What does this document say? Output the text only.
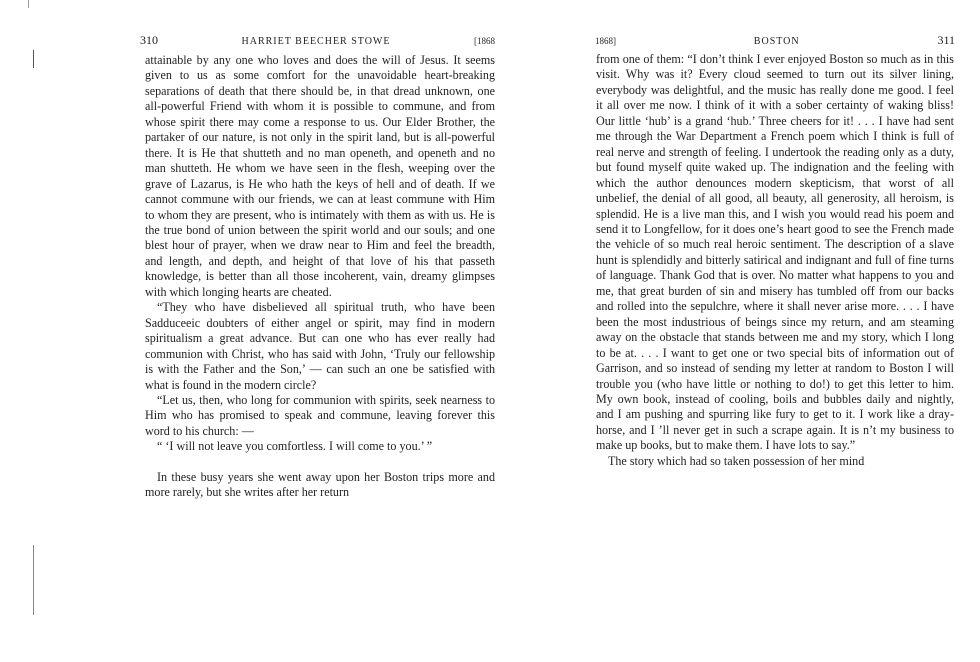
310	HARRIET BEECHER STOWE	[1868

attainable by any one who loves and does the will of Jesus. It seems given to us as some comfort for the unavoidable heart-breaking separations of death that there should be, in that dread unknown, one all-powerful Friend with whom it is possible to commune, and from whose spirit there may come a response to us. Our Elder Brother, the partaker of our nature, is not only in the spirit land, but is all-powerful there. It is He that shutteth and no man openeth, and openeth and no man shutteth. He whom we have seen in the flesh, weeping over the grave of Lazarus, is He who hath the keys of hell and of death. If we cannot commune with our friends, we can at least commune with Him to whom they are present, who is intimately with them as with us. He is the true bond of union between the spirit world and our souls; and one blest hour of prayer, when we draw near to Him and feel the breadth, and length, and depth, and height of that love of his that passeth knowledge, is better than all those incoherent, vain, dreamy glimpses with which longing hearts are cheated.

“They who have disbelieved all spiritual truth, who have been Sadduceeic doubters of either angel or spirit, may find in modern spiritualism a great advance. But can one who has ever really had communion with Christ, who has said with John, ‘Truly our fellowship is with the Father and the Son,’ — can such an one be satisfied with what is found in the modern circle?

“Let us, then, who long for communion with spirits, seek nearness to Him who has promised to speak and commune, leaving forever this word to his church: —

“ ‘I will not leave you comfortless. I will come to you.’ ”

In these busy years she went away upon her Boston trips more and more rarely, but she writes after her return

1868]	BOSTON	311

from one of them: “I don’t think I ever enjoyed Boston so much as in this visit. Why was it? Every cloud seemed to turn out its silver lining, everybody was delightful, and the music has really done me good. I feel it all over me now. I think of it with a sober certainty of waking bliss! Our little ‘hub’ is a grand ‘hub.’ Three cheers for it! . . . I have had sent me through the War Department a French poem which I think is full of real nerve and strength of feeling. I undertook the reading only as a duty, but found myself quite waked up. The indignation and the feeling with which the author denounces modern skepticism, that worst of all unbelief, the denial of all good, all beauty, all generosity, all heroism, is splendid. He is a live man this, and I wish you would read his poem and send it to Longfellow, for it does one’s heart good to see the French made the vehicle of so much real heroic sentiment. The description of a slave hunt is splendidly and bitterly satirical and indignant and full of fine turns of language. Thank God that is over. No matter what happens to you and me, that great burden of sin and misery has tumbled off from our backs and rolled into the sepulchre, where it shall never arise more. . . . I have been the most industrious of beings since my return, and am steaming away on the obstacle that stands between me and my story, which I long to be at. . . . I want to get one or two special bits of information out of Garrison, and so instead of sending my letter at random to Boston I will trouble you (who have little or nothing to do!) to get this letter to him. My own book, instead of cooling, boils and bubbles daily and nightly, and I am pushing and spurring like fury to get to it. I work like a dray-horse, and I ’ll never get in such a scrape again. It is n’t my business to make up books, but to make them. I have lots to say.”

The story which had so taken possession of her mind
